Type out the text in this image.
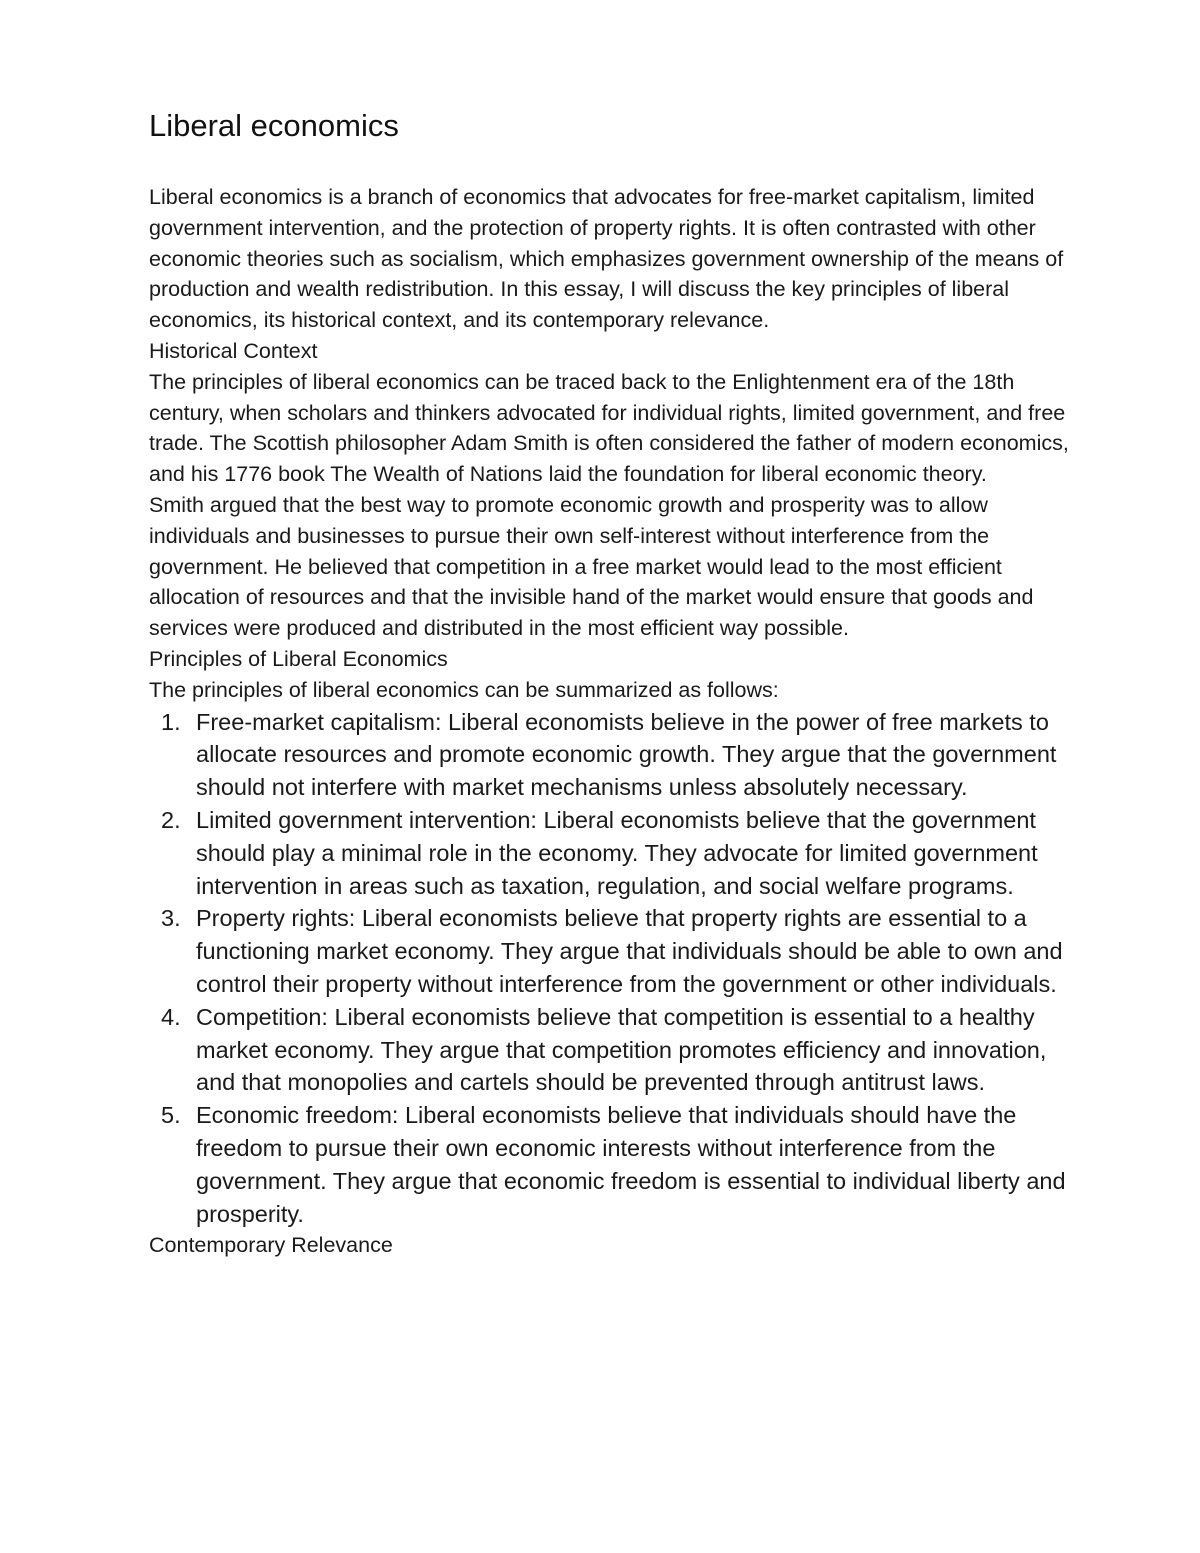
Liberal economics

Liberal economics is a branch of economics that advocates for free-market capitalism, limited government intervention, and the protection of property rights. It is often contrasted with other economic theories such as socialism, which emphasizes government ownership of the means of production and wealth redistribution. In this essay, I will discuss the key principles of liberal economics, its historical context, and its contemporary relevance.

Historical Context

The principles of liberal economics can be traced back to the Enlightenment era of the 18th century, when scholars and thinkers advocated for individual rights, limited government, and free trade. The Scottish philosopher Adam Smith is often considered the father of modern economics, and his 1776 book The Wealth of Nations laid the foundation for liberal economic theory.

Smith argued that the best way to promote economic growth and prosperity was to allow individuals and businesses to pursue their own self-interest without interference from the government. He believed that competition in a free market would lead to the most efficient allocation of resources and that the invisible hand of the market would ensure that goods and services were produced and distributed in the most efficient way possible.

Principles of Liberal Economics

The principles of liberal economics can be summarized as follows:

1. Free-market capitalism: Liberal economists believe in the power of free markets to allocate resources and promote economic growth. They argue that the government should not interfere with market mechanisms unless absolutely necessary.
2. Limited government intervention: Liberal economists believe that the government should play a minimal role in the economy. They advocate for limited government intervention in areas such as taxation, regulation, and social welfare programs.
3. Property rights: Liberal economists believe that property rights are essential to a functioning market economy. They argue that individuals should be able to own and control their property without interference from the government or other individuals.
4. Competition: Liberal economists believe that competition is essential to a healthy market economy. They argue that competition promotes efficiency and innovation, and that monopolies and cartels should be prevented through antitrust laws.
5. Economic freedom: Liberal economists believe that individuals should have the freedom to pursue their own economic interests without interference from the government. They argue that economic freedom is essential to individual liberty and prosperity.

Contemporary Relevance
